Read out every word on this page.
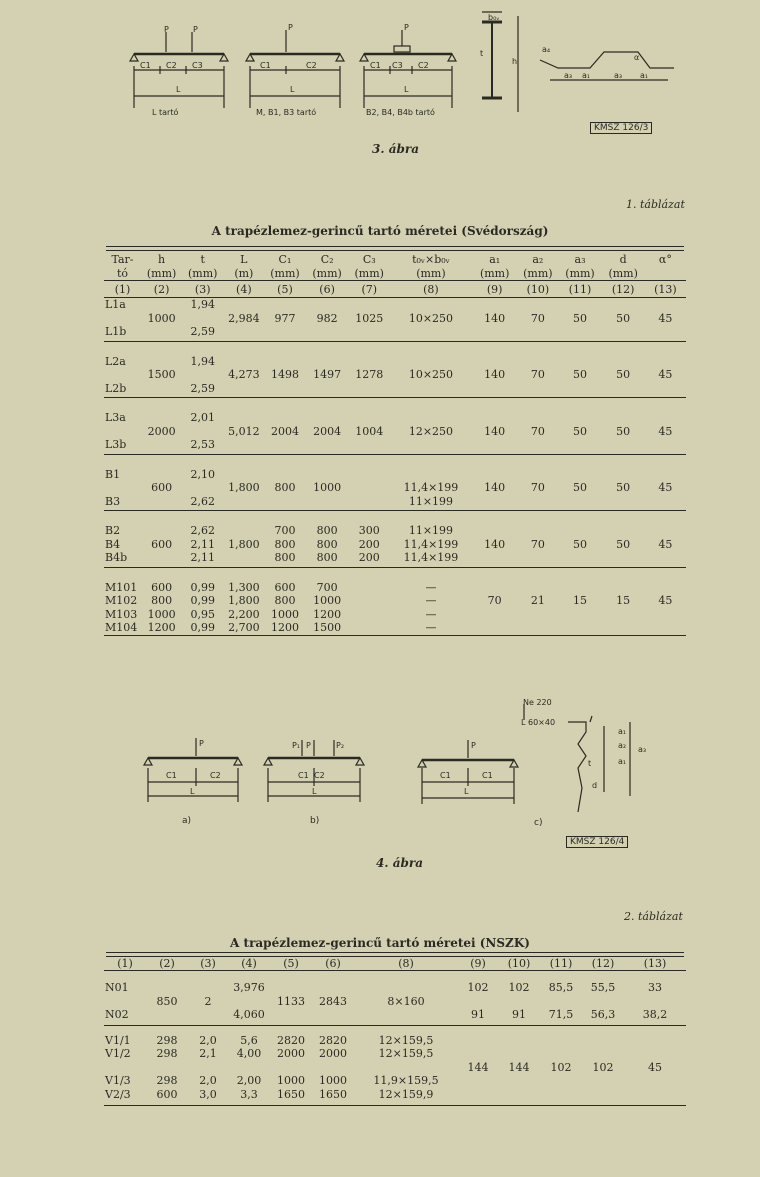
P	P
C1 C2 C3
L
P
C1	C2
L
P
C1 C3 C2
L
b₀ᵥ
t
h
a₄
a₃ a₁	a₃ a₁
α
L tartó	M, B1, B3 tartó	B2, B4, B4b tartó
KMSZ 126/3
3. ábra
1. táblázat
A trapézlemez-gerincű tartó méretei (Svédország)
Tar-	h	t	L	C₁	C₂	C₃	t₀ᵥ×b₀ᵥ	a₁	a₂	a₃	d	α°
tó	(mm)	(mm)	(m)	(mm)	(mm)	(mm)	(mm)	(mm)	(mm)	(mm)	(mm)	

(1)	(2)	(3)	(4)	(5)	(6)	(7)	(8)	(9)	(10)	(11)	(12)	(13)

L1a		1,94										
	1000		2,984	977	982	1025	10×250	140	70	50	50	45
L1b		2,59										

L2a		1,94										
	1500		4,273	1498	1497	1278	10×250	140	70	50	50	45
L2b		2,59										

L3a		2,01										
	2000		5,012	2004	2004	1004	12×250	140	70	50	50	45
L3b		2,53										

B1		2,10										
	600		1,800	800	1000		11,4×199	140	70	50	50	45
B3		2,62					11×199					

B2		2,62		700	800	300	11×199					
B4	600	2,11	1,800	800	800	200	11,4×199	140	70	50	50	45
B4b		2,11		800	800	200	11,4×199					

M101	600	0,99	1,300	600	700		—					
M102	800	0,99	1,800	800	1000		—	70	21	15	15	45
M103	1000	0,95	2,200	1000	1200		—					
M104	1200	0,99	2,700	1200	1500		—					

P
C1	C2
L
P₁ P	P₂
C1 C2
L
P
C1	C1
L
t
d
a₁
a₂
a₁
a₃
Ne 220
L 60×40
a)	b)	c)
KMSZ 126/4
4. ábra
2. táblázat
A trapézlemez-gerincű tartó méretei (NSZK)
(1)	(2)	(3)	(4)	(5)	(6)	(8)	(9)	(10)	(11)	(12)	(13)

N01			3,976				102	102	85,5	55,5	33
	850	2		1133	2843	8×160					
N02			4,060				91	91	71,5	56,3	38,2

V1/1	298	2,0	5,6	2820	2820	12×159,5					
V1/2	298	2,1	4,00	2000	2000	12×159,5					
							144	144	102	102	45
V1/3	298	2,0	2,00	1000	1000	11,9×159,5					
V2/3	600	3,0	3,3	1650	1650	12×159,9					
